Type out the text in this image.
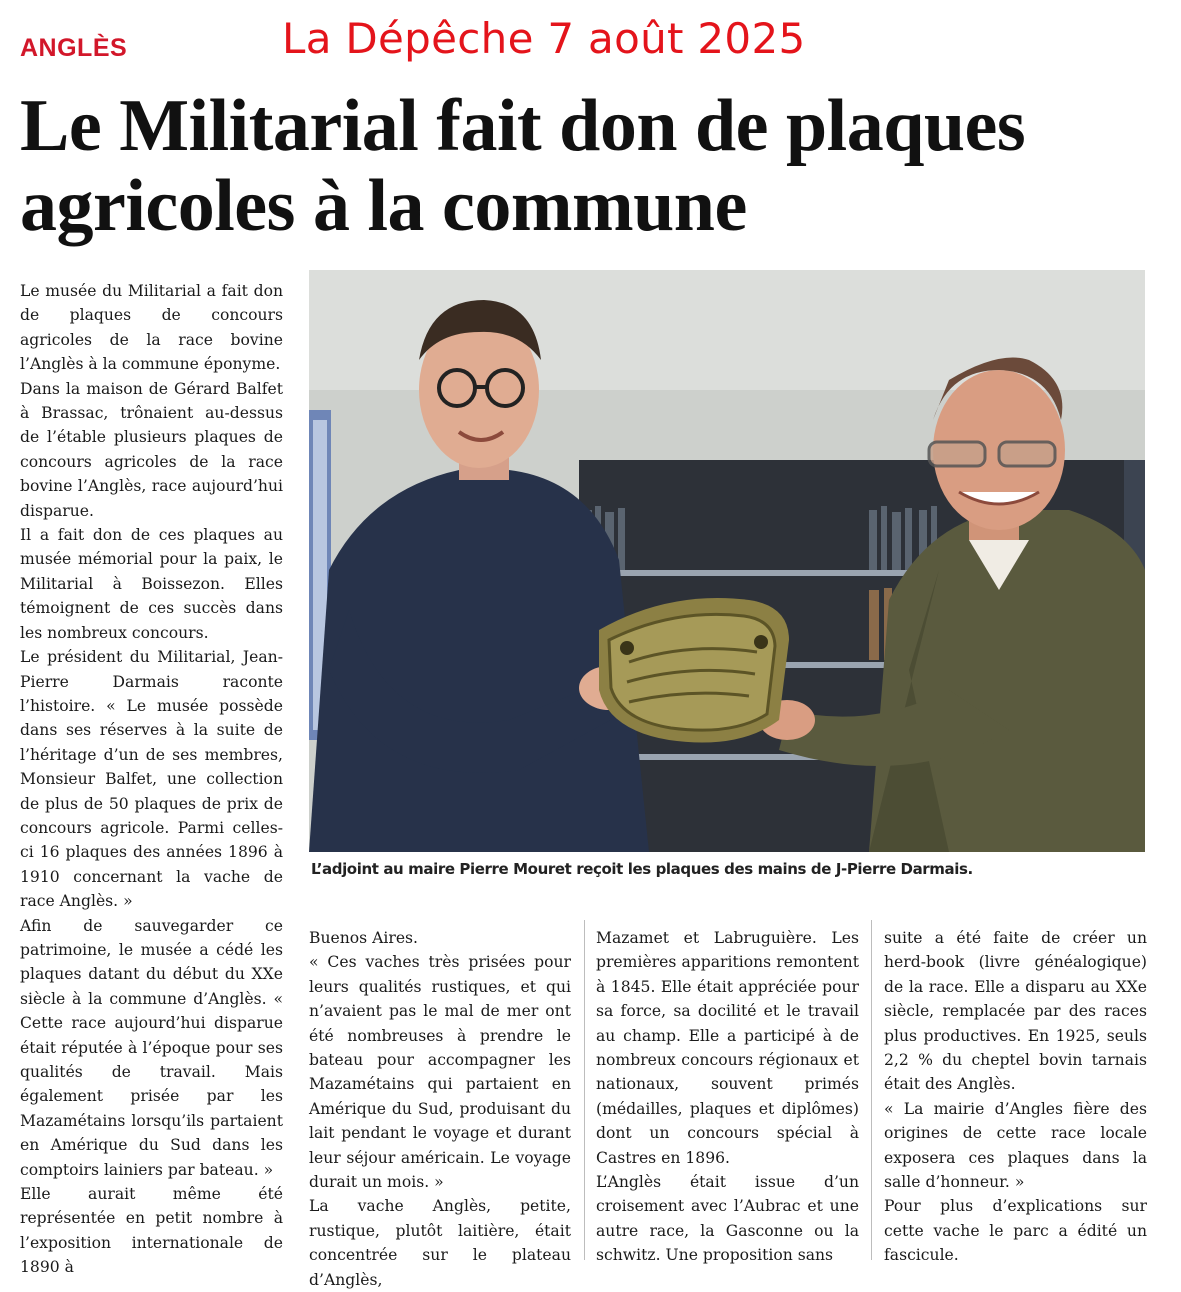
ANGLÈS	La Dépêche 7 août 2025
Le Militarial fait don de plaques
agricoles à la commune

Le musée du Militarial a fait don de plaques de concours agricoles de la race bovine l’Anglès à la commune éponyme.

Dans la maison de Gérard Balfet à Brassac, trônaient au-dessus de l’étable plusieurs plaques de concours agricoles de la race bovine l’Anglès, race aujourd’hui disparue.

Il a fait don de ces plaques au musée mémorial pour la paix, le Militarial à Boissezon. Elles témoignent de ces succès dans les nombreux concours.

Le président du Militarial, Jean-Pierre Darmais raconte l’histoire. « Le musée possède dans ses réserves à la suite de l’héritage d’un de ses membres, Monsieur Balfet, une collection de plus de 50 plaques de prix de concours agricole. Parmi celles-ci 16 plaques des années 1896 à 1910 concernant la vache de race Anglès. »

Afin de sauvegarder ce patrimoine, le musée a cédé les plaques datant du début du XXe siècle à la commune d’Anglès. « Cette race aujourd’hui disparue était réputée à l’époque pour ses qualités de travail. Mais également prisée par les Mazamétains lorsqu’ils partaient en Amérique du Sud dans les comptoirs lainiers par bateau. »

Elle aurait même été représentée en petit nombre à l’exposition internationale de 1890 à

L’adjoint au maire Pierre Mouret reçoit les plaques des mains de J-Pierre Darmais.

Buenos Aires.

« Ces vaches très prisées pour leurs qualités rustiques, et qui n’avaient pas le mal de mer ont été nombreuses à prendre le bateau pour accompagner les Mazamétains qui partaient en Amérique du Sud, produisant du lait pendant le voyage et durant leur séjour américain. Le voyage durait un mois. »

La vache Anglès, petite, rustique, plutôt laitière, était concentrée sur le plateau d’Anglès,

Mazamet et Labruguière. Les premières apparitions remontent à 1845. Elle était appréciée pour sa force, sa docilité et le travail au champ. Elle a participé à de nombreux concours régionaux et nationaux, souvent primés (médailles, plaques et diplômes) dont un concours spécial à Castres en 1896.

L’Anglès était issue d’un croisement avec l’Aubrac et une autre race, la Gasconne ou la schwitz. Une proposition sans

suite a été faite de créer un herd-book (livre généalogique) de la race. Elle a disparu au XXe siècle, remplacée par des races plus productives. En 1925, seuls 2,2 % du cheptel bovin tarnais était des Anglès.

« La mairie d’Angles fière des origines de cette race locale exposera ces plaques dans la salle d’honneur. »

Pour plus d’explications sur cette vache le parc a édité un fascicule.
